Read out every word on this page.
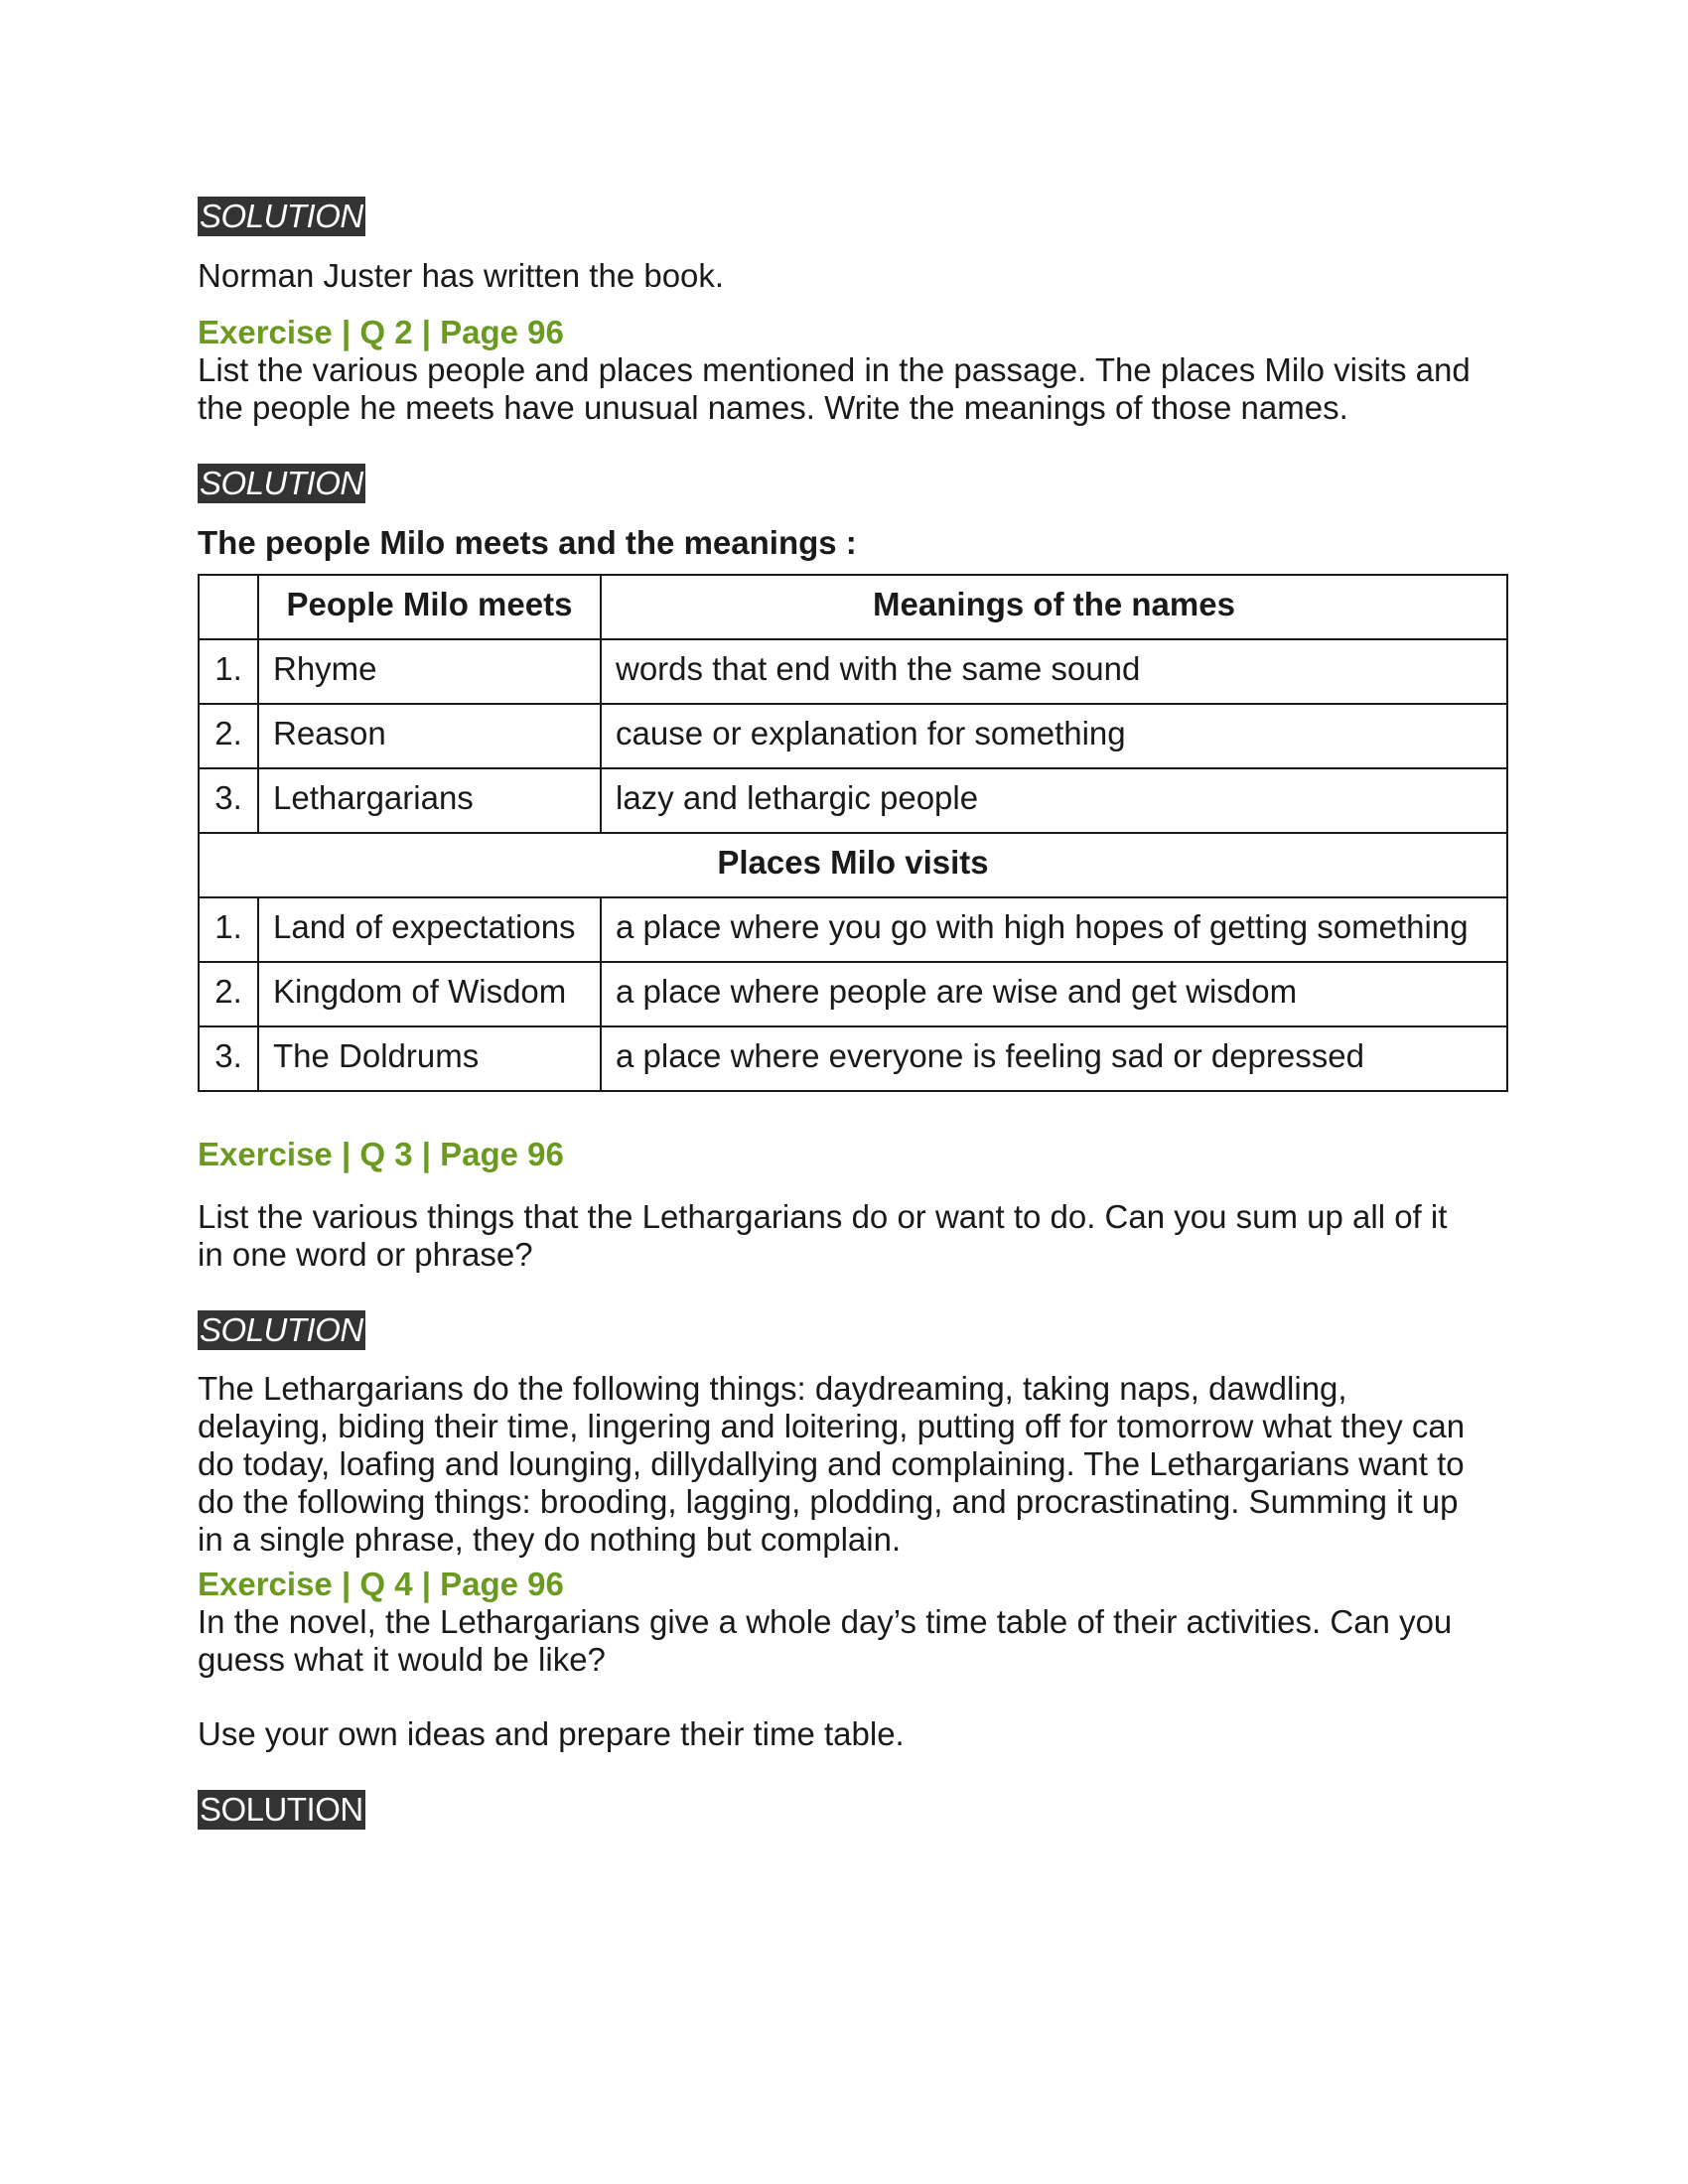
SOLUTION

Norman Juster has written the book.

Exercise | Q 2 | Page 96

List the various people and places mentioned in the passage. The places Milo visits and

the people he meets have unusual names. Write the meanings of those names.

SOLUTION

The people Milo meets and the meanings :

	People Milo meets	Meanings of the names
1.	Rhyme	words that end with the same sound
2.	Reason	cause or explanation for something
3.	Lethargarians	lazy and lethargic people
Places Milo visits		
1.	Land of expectations	a place where you go with high hopes of getting something
2.	Kingdom of Wisdom	a place where people are wise and get wisdom
3.	The Doldrums	a place where everyone is feeling sad or depressed

Exercise | Q 3 | Page 96

List the various things that the Lethargarians do or want to do. Can you sum up all of it

in one word or phrase?

SOLUTION

The Lethargarians do the following things: daydreaming, taking naps, dawdling,

delaying, biding their time, lingering and loitering, putting off for tomorrow what they can

do today, loafing and lounging, dillydallying and complaining. The Lethargarians want to

do the following things: brooding, lagging, plodding, and procrastinating. Summing it up

in a single phrase, they do nothing but complain.

Exercise | Q 4 | Page 96

In the novel, the Lethargarians give a whole day’s time table of their activities. Can you

guess what it would be like?

Use your own ideas and prepare their time table.

SOLUTION
